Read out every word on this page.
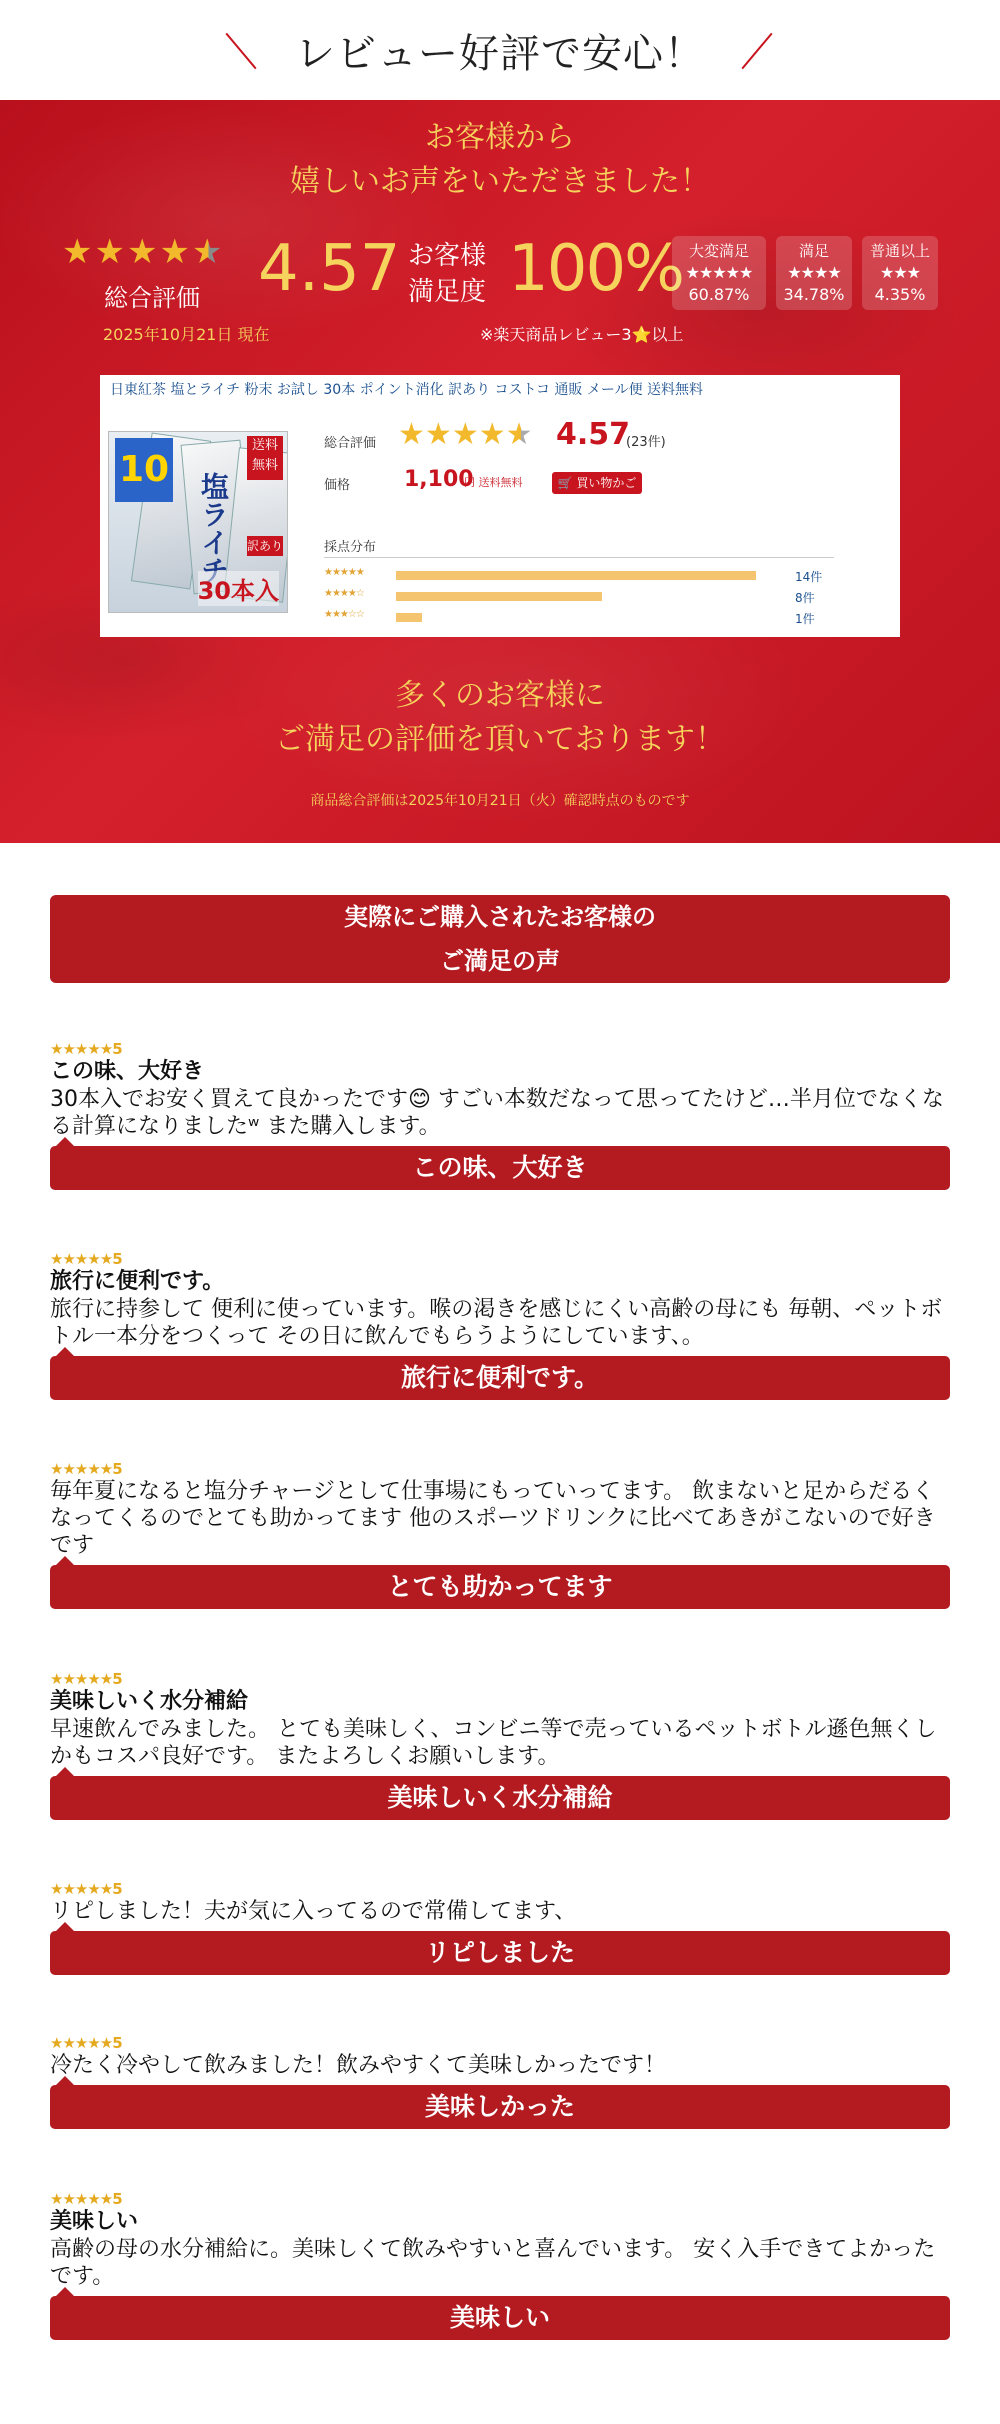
レビュー好評で安心！
お客様から
嬉しいお声をいただきました！
★ ★ ★ ★ ★
総合評価 4.57
2025年10月21日 現在
お客様
満足度 100%
※楽天商品レビュー3⭐以上
大変満足
★★★★★
60.87%
満足
★★★★
34.78%
普通以上
★★★
4.35%
日東紅茶 塩とライチ 粉末 お試し 30本 ポイント消化 訳あり コストコ 通販 メール便 送料無料
塩ライチ
10
送料無料
訳あり
30本入
総合評価 ★ ★ ★ ★ ★ 4.57
(23件)
価格 1,100
円 送料無料	🛒 買い物かご
採点分布
★★★★★	14件
★★★★☆	8件
★★★☆☆	1件
多くのお客様に
ご満足の評価を頂いております！
商品総合評価は2025年10月21日（火）確認時点のものです
実際にご購入されたお客様の
ご満足の声
★★★★★5
この味、大好き
30本入でお安く買えて良かったです😊 すごい本数だなって思ってたけど…半月位でなくなる計算になりましたʷ また購入します。
この味、大好き
★★★★★5
旅行に便利です。
旅行に持参して 便利に使っています。喉の渇きを感じにくい高齢の母にも 毎朝、ペットボトル一本分をつくって その日に飲んでもらうようにしています、。
旅行に便利です。
★★★★★5
毎年夏になると塩分チャージとして仕事場にもっていってます。 飲まないと足からだるくなってくるのでとても助かってます 他のスポーツドリンクに比べてあきがこないので好きです
とても助かってます
★★★★★5
美味しいく水分補給
早速飲んでみました。 とても美味しく、コンビニ等で売っているペットボトル遜色無くしかもコスパ良好です。 またよろしくお願いします。
美味しいく水分補給
★★★★★5
リピしました！夫が気に入ってるので常備してます、
リピしました
★★★★★5
冷たく冷やして飲みました！飲みやすくて美味しかったです！
美味しかった
★★★★★5
美味しい
高齢の母の水分補給に。美味しくて飲みやすいと喜んでいます。 安く入手できてよかったです。
美味しい
